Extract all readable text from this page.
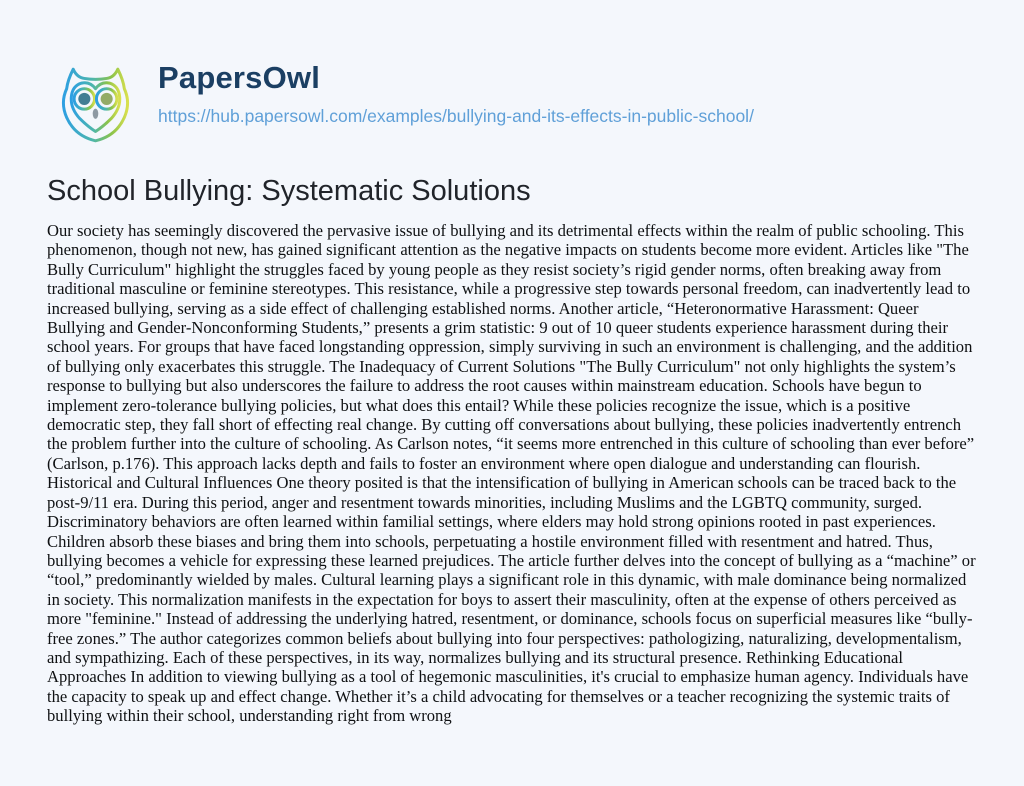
PapersOwl
https://hub.papersowl.com/examples/bullying-and-its-effects-in-public-school/
School Bullying: Systematic Solutions

Our society has seemingly discovered the pervasive issue of bullying and its detrimental effects within the realm of public schooling. This phenomenon, though not new, has gained significant attention as the negative impacts on students become more evident. Articles like "The Bully Curriculum" highlight the struggles faced by young people as they resist society’s rigid gender norms, often breaking away from traditional masculine or feminine stereotypes. This resistance, while a progressive step towards personal freedom, can inadvertently lead to increased bullying, serving as a side effect of challenging established norms. Another article, “Heteronormative Harassment: Queer Bullying and Gender-Nonconforming Students,” presents a grim statistic: 9 out of 10 queer students experience harassment during their school years. For groups that have faced longstanding oppression, simply surviving in such an environment is challenging, and the addition of bullying only exacerbates this struggle. The Inadequacy of Current Solutions "The Bully Curriculum" not only highlights the system’s response to bullying but also underscores the failure to address the root causes within mainstream education. Schools have begun to implement zero-tolerance bullying policies, but what does this entail? While these policies recognize the issue, which is a positive democratic step, they fall short of effecting real change. By cutting off conversations about bullying, these policies inadvertently entrench the problem further into the culture of schooling. As Carlson notes, “it seems more entrenched in this culture of schooling than ever before” (Carlson, p.176). This approach lacks depth and fails to foster an environment where open dialogue and understanding can flourish. Historical and Cultural Influences One theory posited is that the intensification of bullying in American schools can be traced back to the post-9/11 era. During this period, anger and resentment towards minorities, including Muslims and the LGBTQ community, surged. Discriminatory behaviors are often learned within familial settings, where elders may hold strong opinions rooted in past experiences. Children absorb these biases and bring them into schools, perpetuating a hostile environment filled with resentment and hatred. Thus, bullying becomes a vehicle for expressing these learned prejudices. The article further delves into the concept of bullying as a “machine” or “tool,” predominantly wielded by males. Cultural learning plays a significant role in this dynamic, with male dominance being normalized in society. This normalization manifests in the expectation for boys to assert their masculinity, often at the expense of others perceived as more "feminine." Instead of addressing the underlying hatred, resentment, or dominance, schools focus on superficial measures like “bully-free zones.” The author categorizes common beliefs about bullying into four perspectives: pathologizing, naturalizing, developmentalism, and sympathizing. Each of these perspectives, in its way, normalizes bullying and its structural presence. Rethinking Educational Approaches In addition to viewing bullying as a tool of hegemonic masculinities, it's crucial to emphasize human agency. Individuals have the capacity to speak up and effect change. Whether it’s a child advocating for themselves or a teacher recognizing the systemic traits of bullying within their school, understanding right from wrong
